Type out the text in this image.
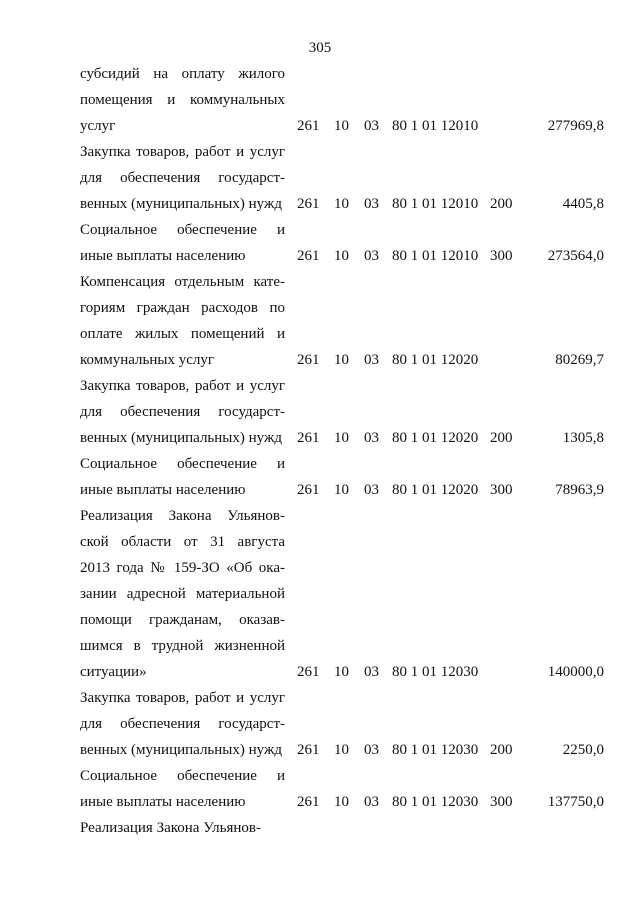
305
субсидий на оплату жилого
помещения и коммунальных
услуг	261 10 03 80 1 01 12010	277969,8
Закупка товаров, работ и услуг
для обеспечения государст-
венных (муниципальных) нужд 261 10 03 80 1 01 12010 200	4405,8
Социальное обеспечение и
иные выплаты населению	261 10 03 80 1 01 12010 300 273564,0
Компенсация отдельным кате-
гориям граждан расходов по
оплате жилых помещений и
коммунальных услуг	261 10 03 80 1 01 12020	80269,7
Закупка товаров, работ и услуг
для обеспечения государст-
венных (муниципальных) нужд 261 10 03 80 1 01 12020 200	1305,8
Социальное обеспечение и
иные выплаты населению	261 10 03 80 1 01 12020 300	78963,9
Реализация Закона Ульянов-
ской области от 31 августа
2013 года № 159-ЗО «Об ока-
зании адресной материальной
помощи гражданам, оказав-
шимся в трудной жизненной
ситуации»	261 10 03 80 1 01 12030	140000,0
Закупка товаров, работ и услуг
для обеспечения государст-
венных (муниципальных) нужд 261 10 03 80 1 01 12030 200	2250,0
Социальное обеспечение и
иные выплаты населению	261 10 03 80 1 01 12030 300 137750,0
Реализация Закона Ульянов-
